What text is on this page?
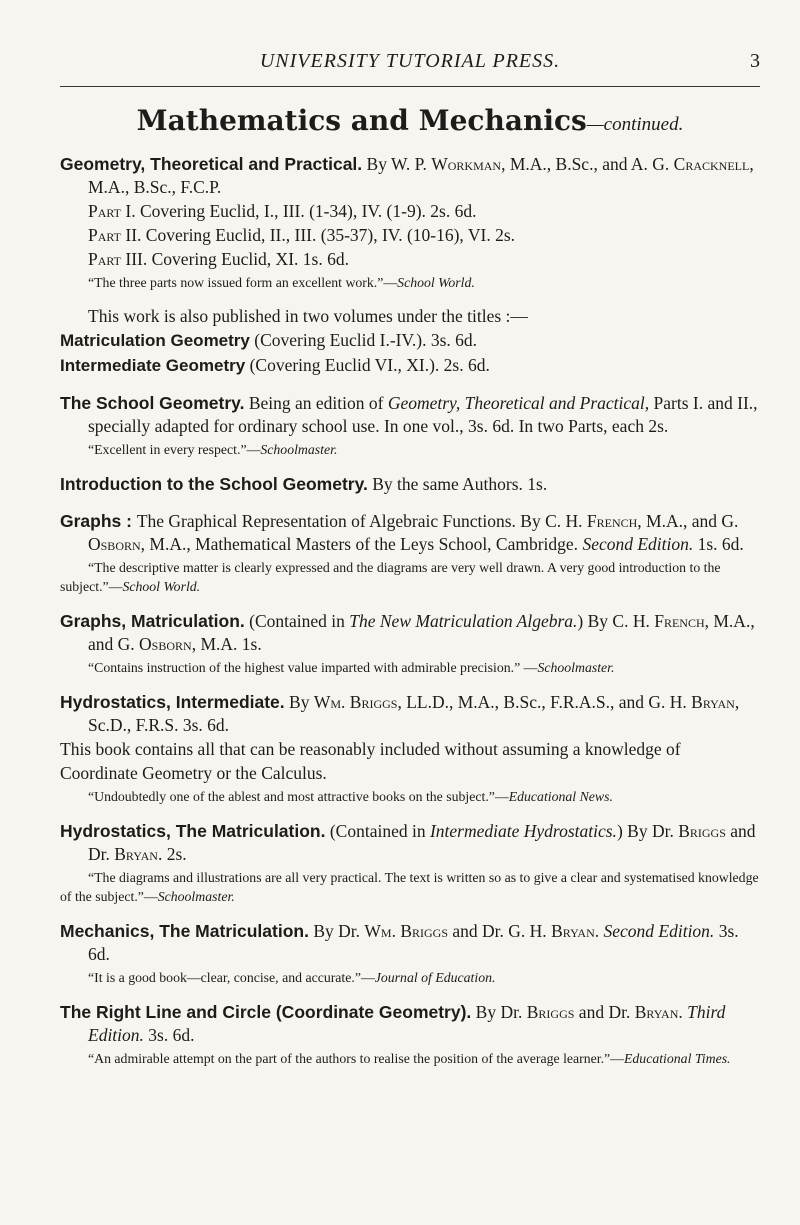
UNIVERSITY TUTORIAL PRESS.	3
Mathematics and Mechanics—continued.

Geometry, Theoretical and Practical. By W. P. Workman, M.A., B.Sc., and A. G. Cracknell, M.A., B.Sc., F.C.P.

Part I. Covering Euclid, I., III. (1-34), IV. (1-9). 2s. 6d.

Part II. Covering Euclid, II., III. (35-37), IV. (10-16), VI. 2s.

Part III. Covering Euclid, XI. 1s. 6d.

“The three parts now issued form an excellent work.”—School World.

This work is also published in two volumes under the titles :—

Matriculation Geometry (Covering Euclid I.-IV.). 3s. 6d.

Intermediate Geometry (Covering Euclid VI., XI.). 2s. 6d.

The School Geometry. Being an edition of Geometry, Theoretical and Practical, Parts I. and II., specially adapted for ordinary school use. In one vol., 3s. 6d. In two Parts, each 2s.

“Excellent in every respect.”—Schoolmaster.

Introduction to the School Geometry. By the same Authors. 1s.

Graphs : The Graphical Representation of Algebraic Functions. By C. H. French, M.A., and G. Osborn, M.A., Mathematical Masters of the Leys School, Cambridge. Second Edition. 1s. 6d.

“The descriptive matter is clearly expressed and the diagrams are very well drawn. A very good introduction to the subject.”—School World.

Graphs, Matriculation. (Contained in The New Matriculation Algebra.) By C. H. French, M.A., and G. Osborn, M.A. 1s.

“Contains instruction of the highest value imparted with admirable precision.” —Schoolmaster.

Hydrostatics, Intermediate. By Wm. Briggs, LL.D., M.A., B.Sc., F.R.A.S., and G. H. Bryan, Sc.D., F.R.S. 3s. 6d.

This book contains all that can be reasonably included without assuming a knowledge of Coordinate Geometry or the Calculus.

“Undoubtedly one of the ablest and most attractive books on the subject.”—Educational News.

Hydrostatics, The Matriculation. (Contained in Intermediate Hydrostatics.) By Dr. Briggs and Dr. Bryan. 2s.

“The diagrams and illustrations are all very practical. The text is written so as to give a clear and systematised knowledge of the subject.”—Schoolmaster.

Mechanics, The Matriculation. By Dr. Wm. Briggs and Dr. G. H. Bryan. Second Edition. 3s. 6d.

“It is a good book—clear, concise, and accurate.”—Journal of Education.

The Right Line and Circle (Coordinate Geometry). By Dr. Briggs and Dr. Bryan. Third Edition. 3s. 6d.

“An admirable attempt on the part of the authors to realise the position of the average learner.”—Educational Times.
